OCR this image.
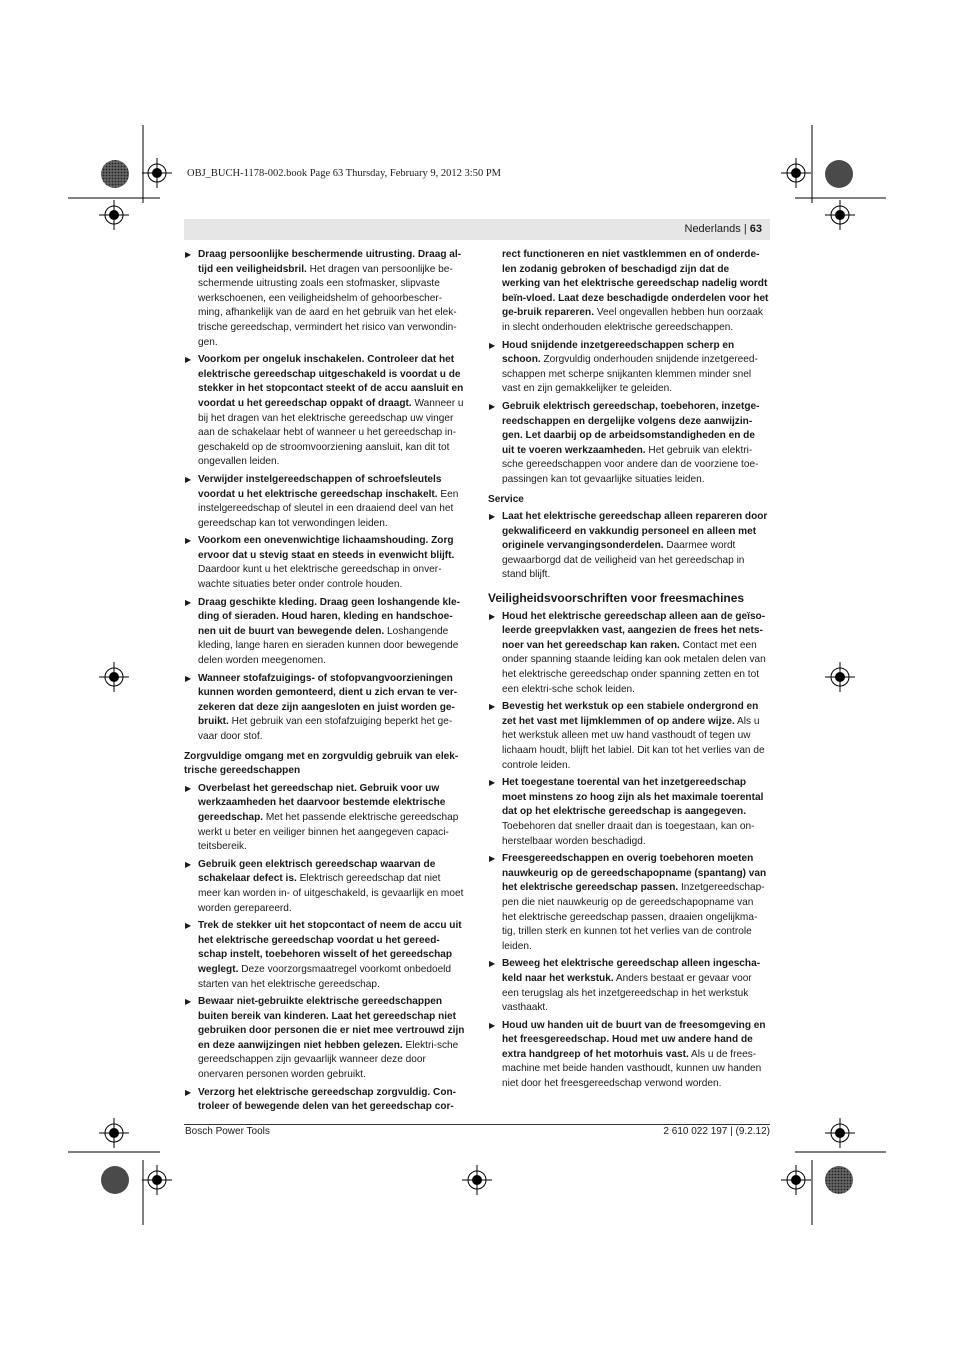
OBJ_BUCH-1178-002.book Page 63 Thursday, February 9, 2012 3:50 PM
Nederlands | 63
▶ Draag persoonlijke beschermende uitrusting. Draag al-tijd een veiligheidsbril. Het dragen van persoonlijke be-schermende uitrusting zoals een stofmasker, slipvaste werkschoenen, een veiligheidshelm of gehoorbescher-ming, afhankelijk van de aard en het gebruik van het elek-trische gereedschap, vermindert het risico van verwondin-gen.
▶ Voorkom per ongeluk inschakelen. Controleer dat het elektrische gereedschap uitgeschakeld is voordat u de stekker in het stopcontact steekt of de accu aansluit en voordat u het gereedschap oppakt of draagt. Wanneer u bij het dragen van het elektrische gereedschap uw vinger aan de schakelaar hebt of wanneer u het gereedschap in-geschakeld op de stroomvoorziening aansluit, kan dit tot ongevallen leiden.
▶ Verwijder instelgereedschappen of schroefsleutels voordat u het elektrische gereedschap inschakelt. Een instelgereedschap of sleutel in een draaiend deel van het gereedschap kan tot verwondingen leiden.
▶ Voorkom een onevenwichtige lichaamshouding. Zorg ervoor dat u stevig staat en steeds in evenwicht blijft. Daardoor kunt u het elektrische gereedschap in onver-wachte situaties beter onder controle houden.
▶ Draag geschikte kleding. Draag geen loshangende kle-ding of sieraden. Houd haren, kleding en handschoe-nen uit de buurt van bewegende delen. Loshangende kleding, lange haren en sieraden kunnen door bewegende delen worden meegenomen.
▶ Wanneer stofafzuigings- of stofopvangvoorzieningen kunnen worden gemonteerd, dient u zich ervan te ver-zekeren dat deze zijn aangesloten en juist worden ge-bruikt. Het gebruik van een stofafzuiging beperkt het ge-vaar door stof.
Zorgvuldige omgang met en zorgvuldig gebruik van elek-trische gereedschappen
▶ Overbelast het gereedschap niet. Gebruik voor uw werkzaamheden het daarvoor bestemde elektrische gereedschap. Met het passende elektrische gereedschap werkt u beter en veiliger binnen het aangegeven capaci-teitsbereik.
▶ Gebruik geen elektrisch gereedschap waarvan de schakelaar defect is. Elektrisch gereedschap dat niet meer kan worden in- of uitgeschakeld, is gevaarlijk en moet worden gerepareerd.
▶ Trek de stekker uit het stopcontact of neem de accu uit het elektrische gereedschap voordat u het gereed-schap instelt, toebehoren wisselt of het gereedschap weglegt. Deze voorzorgsmaatregel voorkomt onbedoeld starten van het elektrische gereedschap.
▶ Bewaar niet-gebruikte elektrische gereedschappen buiten bereik van kinderen. Laat het gereedschap niet gebruiken door personen die er niet mee vertrouwd zijn en deze aanwijzingen niet hebben gelezen. Elektri-sche gereedschappen zijn gevaarlijk wanneer deze door onervaren personen worden gebruikt.
▶ Verzorg het elektrische gereedschap zorgvuldig. Con-troleer of bewegende delen van het gereedschap cor-
rect functioneren en niet vastklemmen en of onderde-len zodanig gebroken of beschadigd zijn dat de werking van het elektrische gereedschap nadelig wordt beïn-vloed. Laat deze beschadigde onderdelen voor het ge-bruik repareren. Veel ongevallen hebben hun oorzaak in slecht onderhouden elektrische gereedschappen.
▶ Houd snijdende inzetgereedschappen scherp en schoon. Zorgvuldig onderhouden snijdende inzetgereed-schappen met scherpe snijkanten klemmen minder snel vast en zijn gemakkelijker te geleiden.
▶ Gebruik elektrisch gereedschap, toebehoren, inzetge-reedschappen en dergelijke volgens deze aanwijzin-gen. Let daarbij op de arbeidsomstandigheden en de uit te voeren werkzaamheden. Het gebruik van elektri-sche gereedschappen voor andere dan de voorziene toe-passingen kan tot gevaarlijke situaties leiden.
Service
▶ Laat het elektrische gereedschap alleen repareren door gekwalificeerd en vakkundig personeel en alleen met originele vervangingsonderdelen. Daarmee wordt gewaarborgd dat de veiligheid van het gereedschap in stand blijft.
Veiligheidsvoorschriften voor freesmachines
▶ Houd het elektrische gereedschap alleen aan de geïso-leerde greepvlakken vast, aangezien de frees het nets-noer van het gereedschap kan raken. Contact met een onder spanning staande leiding kan ook metalen delen van het elektrische gereedschap onder spanning zetten en tot een elektri-sche schok leiden.
▶ Bevestig het werkstuk op een stabiele ondergrond en zet het vast met lijmklemmen of op andere wijze. Als u het werkstuk alleen met uw hand vasthoudt of tegen uw lichaam houdt, blijft het labiel. Dit kan tot het verlies van de controle leiden.
▶ Het toegestane toerental van het inzetgereedschap moet minstens zo hoog zijn als het maximale toerental dat op het elektrische gereedschap is aangegeven. Toebehoren dat sneller draait dan is toegestaan, kan on-herstelbaar worden beschadigd.
▶ Freesgereedschappen en overig toebehoren moeten nauwkeurig op de gereedschapopname (spantang) van het elektrische gereedschap passen. Inzetgereedschap-pen die niet nauwkeurig op de gereedschapopname van het elektrische gereedschap passen, draaien ongelijkma-tig, trillen sterk en kunnen tot het verlies van de controle leiden.
▶ Beweeg het elektrische gereedschap alleen ingescha-keld naar het werkstuk. Anders bestaat er gevaar voor een terugslag als het inzetgereedschap in het werkstuk vasthaakt.
▶ Houd uw handen uit de buurt van de freesomgeving en het freesgereedschap. Houd met uw andere hand de extra handgreep of het motorhuis vast. Als u de frees-machine met beide handen vasthoudt, kunnen uw handen niet door het freesgereedschap verwond worden.
Bosch Power Tools	2 610 022 197 | (9.2.12)
